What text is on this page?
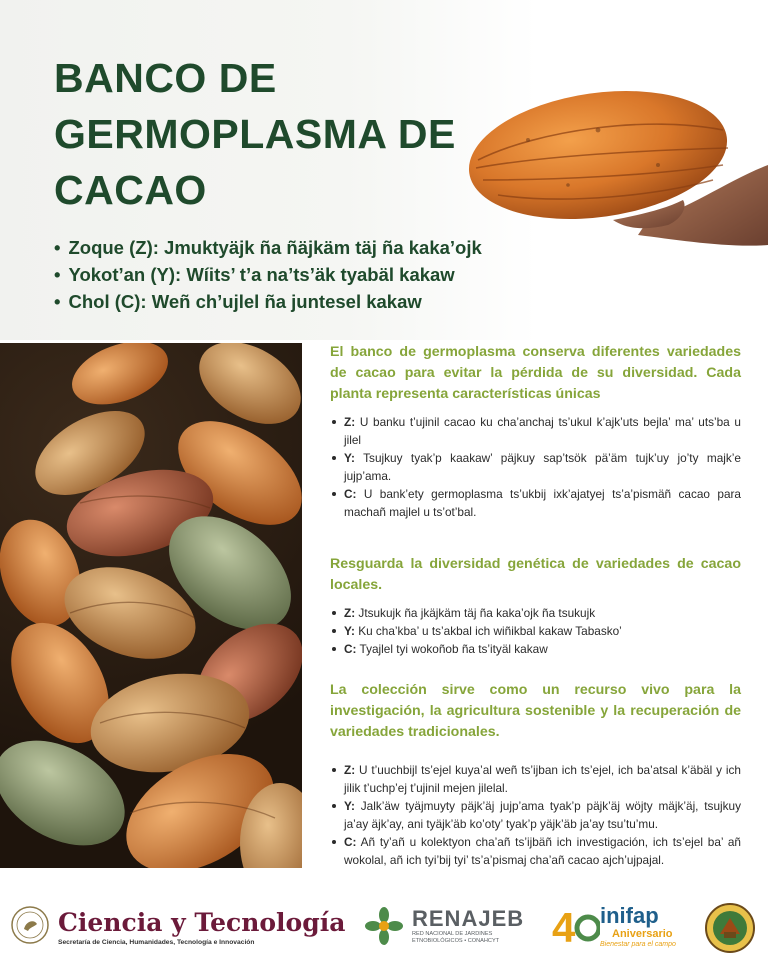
BANCO DE
GERMOPLASMA DE
CACAO
• Zoque (Z): Jmuktyäjk ña ñäjkäm täj ña kaka’ojk
• Yokot’an (Y): Wíits’ t’a na’ts’äk tyabäl kakaw
• Chol (C): Weñ ch’ujlel ña juntesel kakaw

El banco de germoplasma conserva diferentes variedades de cacao para evitar la pérdida de su diversidad. Cada planta representa características únicas

Z: U banku t’ujinil cacao ku cha’anchaj ts’ukul k’ajk’uts bejla’ ma’ uts’ba u jilel
Y: Tsujkuy tyak’p kaakaw’ päjkuy sap’tsök pä’äm tujk’uy jo’ty majk’e jujp’ama.
C: U bank’ety germoplasma ts’ukbij ixk’ajatyej ts’a’pismäñ cacao para machañ majlel u ts’ot’bal.

Resguarda la diversidad genética de variedades de cacao locales.

Z: Jtsukujk ña jkäjkäm täj ña kaka’ojk ña tsukujk
Y: Ku cha’kba’ u ts’akbal ich wiñikbal kakaw Tabasko’
C: Tyajlel tyi wokoñob ña ts’ityäl kakaw

La colección sirve como un recurso vivo para la investigación, la agricultura sostenible y la recuperación de variedades tradicionales.

Z: U t’uuchbijl ts’ejel kuya’al weñ ts’ijban ich ts’ejel, ich ba’atsal k’äbäl y ich jilik t’uchp’ej t’ujinil mejen jilelal.
Y: Jalk’äw tyäjmuyty päjk’äj jujp’ama tyak’p päjk’äj wöjty mäjk’äj, tsujkuy ja’ay äjk’ay, ani tyäjk’äb ko’oty’ tyak’p yäjk’äb ja’ay tsu’tu’mu.
C: Añ ty’añ u kolektyon cha’añ ts’ijbäñ ich investigación, ich ts’ejel ba’ añ wokolal, añ ich tyi’bij tyi’ ts’a’pismaj cha’añ cacao ajch’ujpajal.
Ciencia y Tecnología
Secretaría de Ciencia, Humanidades, Tecnología e Innovación
RENAJEB
RED NACIONAL DE JARDINES ETNOBIOLÓGICOS • CONAHCYT	4 inifap
Aniversario
Bienestar para el campo
